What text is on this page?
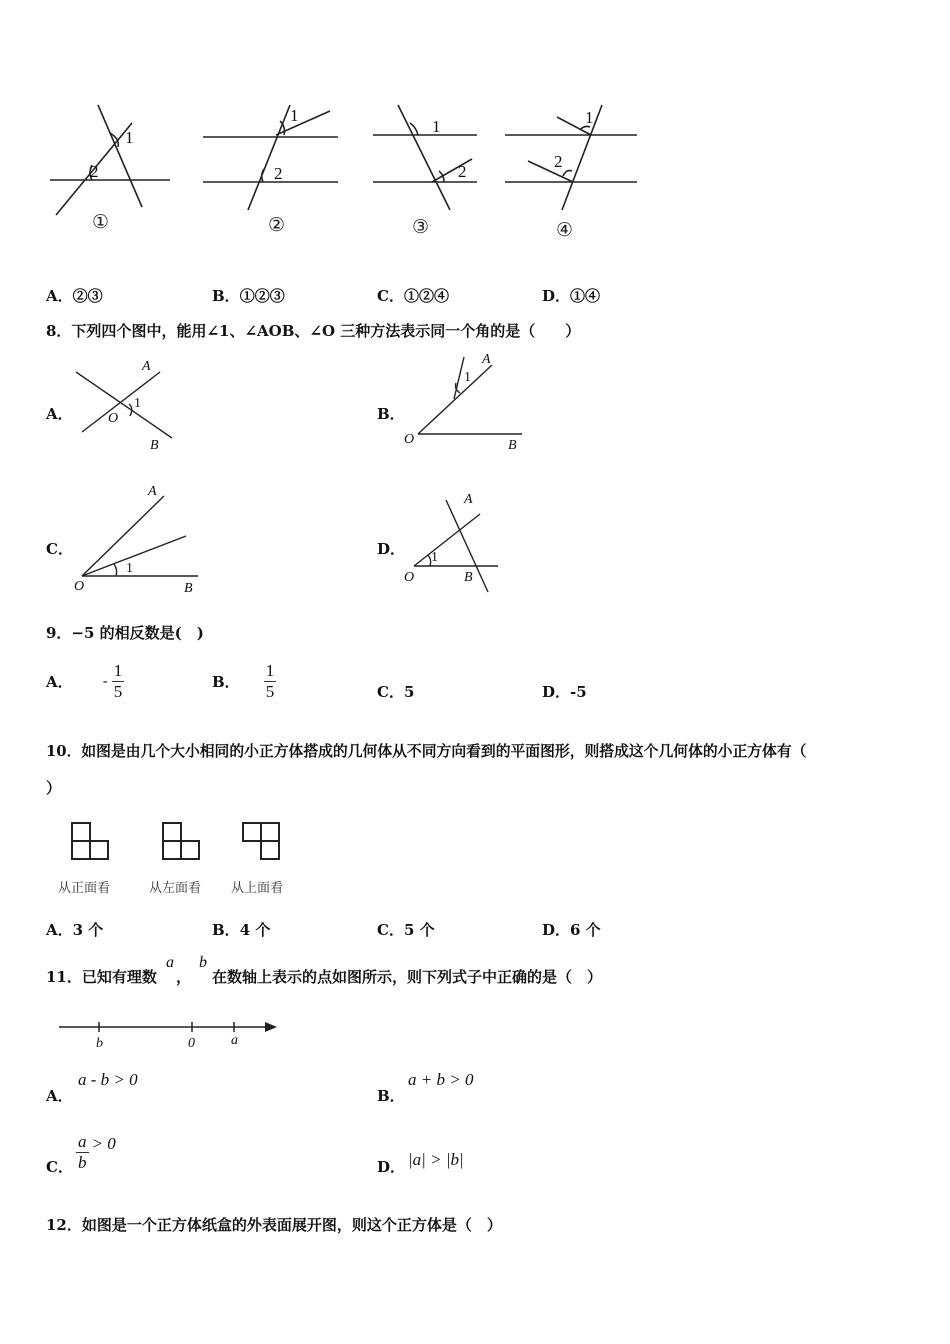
1
2
1
2
1
2
1
2
①	②	③	④
A．②③	B．①②③	C．①②④	D．①④
8．下列四个图中，能用∠1、∠AOB、∠O 三种方法表示同一个角的是（　　）
A．
A
O
B
1
B．
A
O	B
1
C．
A
O	B
1
D．
A
O	B
1
9．−5 的相反数是(　)
A． - $\frac{1}{5}$	B． $\frac{1}{5}$	C．5	D．-5
10．如图是由几个大小相同的小正方体搭成的几何体从不同方向看到的平面图形，则搭成这个几何体的小正方体有（
）
从正面看	从左面看 从上面看
A．3 个	B．4 个	C．5 个	D．6 个
11．已知有理数
a
，
b
在数轴上表示的点如图所示，则下列式子中正确的是（　）
b	0	a
A．
a - b > 0
B．
a + b > 0
C． $\frac{a}{b} > 0$
D． |a| > |b|
12．如图是一个正方体纸盒的外表面展开图，则这个正方体是（　）
